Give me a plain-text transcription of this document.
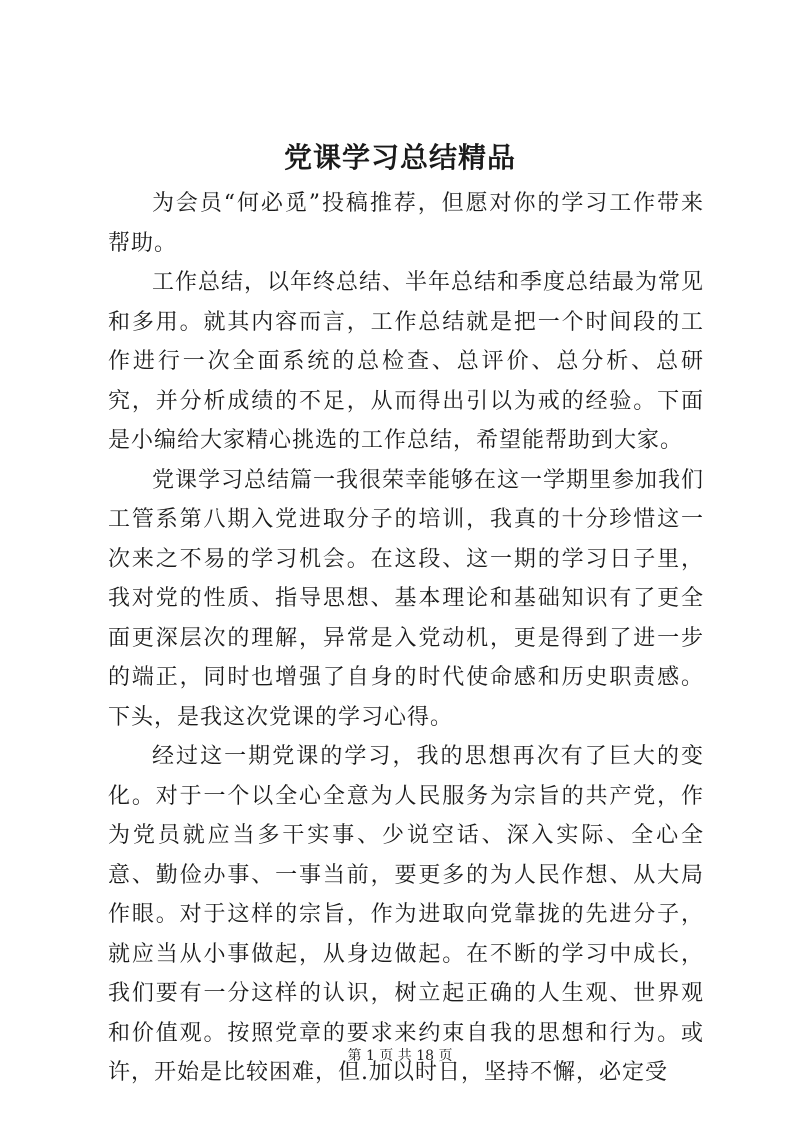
党课学习总结精品

为会员“何必觅”投稿推荐，但愿对你的学习工作带来帮助。

工作总结，以年终总结、半年总结和季度总结最为常见和多用。就其内容而言，工作总结就是把一个时间段的工作进行一次全面系统的总检查、总评价、总分析、总研究，并分析成绩的不足，从而得出引以为戒的经验。下面是小编给大家精心挑选的工作总结，希望能帮助到大家。

党课学习总结篇一我很荣幸能够在这一学期里参加我们工管系第八期入党进取分子的培训，我真的十分珍惜这一次来之不易的学习机会。在这段、这一期的学习日子里，我对党的性质、指导思想、基本理论和基础知识有了更全面更深层次的理解，异常是入党动机，更是得到了进一步的端正，同时也增强了自身的时代使命感和历史职责感。下头，是我这次党课的学习心得。

经过这一期党课的学习，我的思想再次有了巨大的变化。对于一个以全心全意为人民服务为宗旨的共产党，作为党员就应当多干实事、少说空话、深入实际、全心全意、勤俭办事、一事当前，要更多的为人民作想、从大局作眼。对于这样的宗旨，作为进取向党靠拢的先进分子，就应当从小事做起，从身边做起。在不断的学习中成长，我们要有一分这样的认识，树立起正确的人生观、世界观和价值观。按照党章的要求来约束自我的思想和行为。或许，开始是比较困难，但.加以时日，坚持不懈，必定受

第 1 页 共 18 页
